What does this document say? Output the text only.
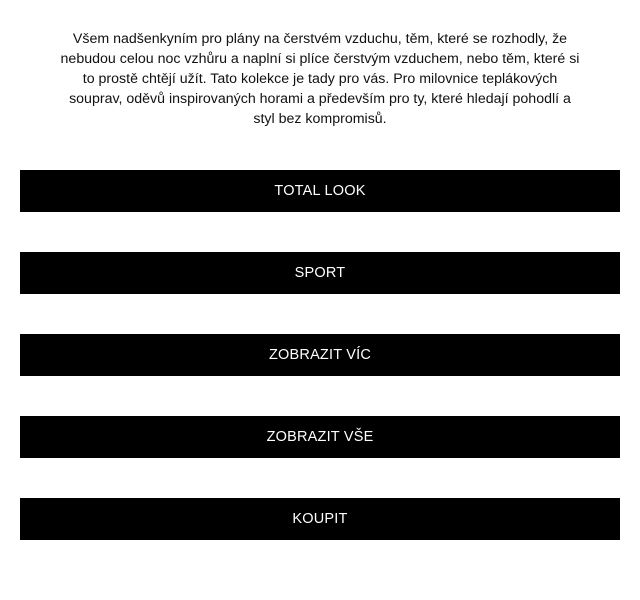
Všem nadšenkyním pro plány na čerstvém vzduchu, těm, které se rozhodly, že nebudou celou noc vzhůru a naplní si plíce čerstvým vzduchem, nebo těm, které si to prostě chtějí užít. Tato kolekce je tady pro vás. Pro milovnice teplákových souprav, oděvů inspirovaných horami a především pro ty, které hledají pohodlí a styl bez kompromisů.

TOTAL LOOK
SPORT
ZOBRAZIT VÍC
ZOBRAZIT VŠE
KOUPIT
